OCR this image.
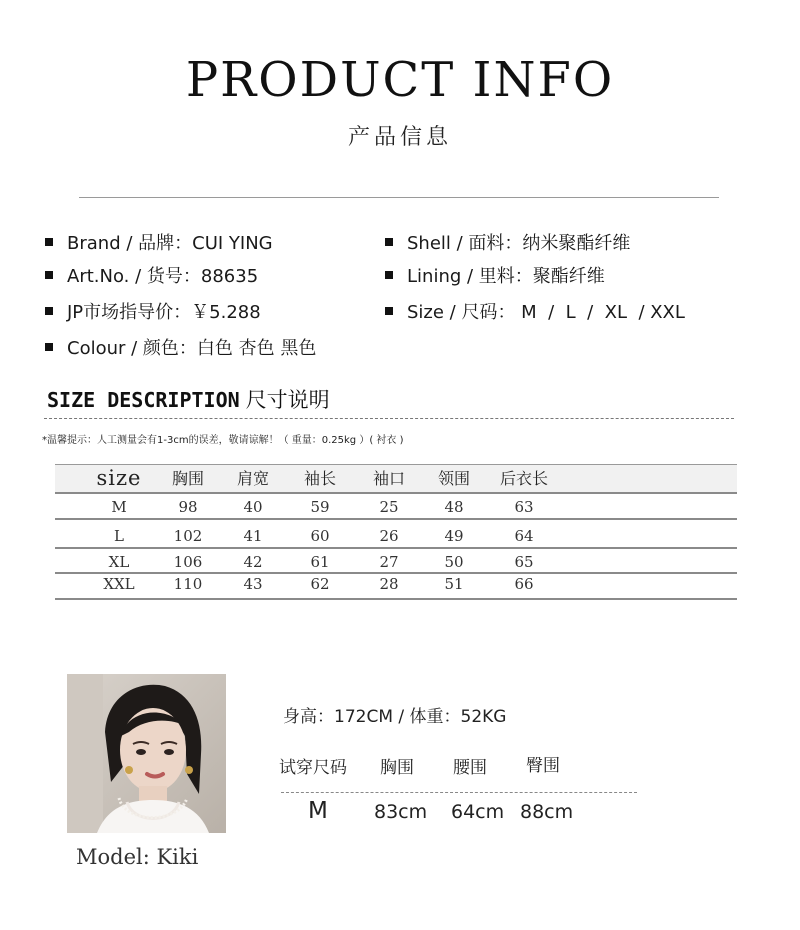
PRODUCT INFO
产品信息
Brand / 品牌：CUI YING
Art.No. / 货号：88635
JP市场指导价：￥5.288
Colour / 颜色：白色 杏色 黑色
Shell / 面料：纳米聚酯纤维
Lining / 里料：聚酯纤维
Size / 尺码： M  /  L  /  XL  / XXL
SIZE DESCRIPTION 尺寸说明
*温馨提示：人工测量会有1-3cm的误差，敬请谅解！（ 重量：0.25kg ）( 衬衣 )
size	胸围	肩宽	袖长	袖口	领围	后衣长
M	98	40	59	25	48	63
L	102	41	60	26	49	64
XL	106	42	61	27	50	65
XXL	110	43	62	28	51	66
Model: Kiki
身高：172CM / 体重：52KG
试穿尺码 胸围 腰围 臀围
M 83cm 64cm 88cm
